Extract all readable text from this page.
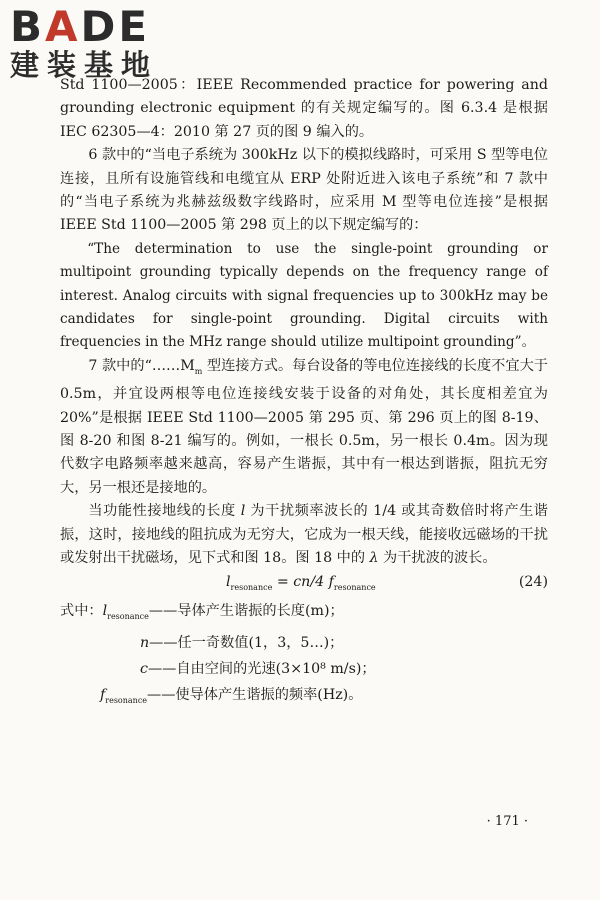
BADE
建装基地

Std 1100—2005：IEEE Recommended practice for powering and grounding electronic equipment 的有关规定编写的。图 6.3.4 是根据 IEC 62305—4：2010 第 27 页的图 9 编入的。

6 款中的“当电子系统为 300kHz 以下的模拟线路时，可采用 S 型等电位连接，且所有设施管线和电缆宜从 ERP 处附近进入该电子系统”和 7 款中的“当电子系统为兆赫兹级数字线路时，应采用 M 型等电位连接”是根据 IEEE Std 1100—2005 第 298 页上的以下规定编写的：

“The determination to use the single-point grounding or multipoint grounding typically depends on the frequency range of interest. Analog circuits with signal frequencies up to 300kHz may be candidates for single-point grounding. Digital circuits with frequencies in the MHz range should utilize multipoint grounding”。

7 款中的“$\dots\dots M_m$ 型连接方式。每台设备的等电位连接线的长度不宜大于 0.5m，并宜设两根等电位连接线安装于设备的对角处，其长度相差宜为 20%”是根据 IEEE Std 1100—2005 第 295 页、第 296 页上的图 8-19、图 8-20 和图 8-21 编写的。例如，一根长 0.5m，另一根长 0.4m。因为现代数字电路频率越来越高，容易产生谐振，其中有一根达到谐振，阻抗无穷大，另一根还是接地的。

当功能性接地线的长度 l 为干扰频率波长的 1/4 或其奇数倍时将产生谐振，这时，接地线的阻抗成为无穷大，它成为一根天线，能接收远磁场的干扰或发射出干扰磁场，见下式和图 18。图 18 中的 λ 为干扰波的波长。

$l_{resonance} = cn/4$ $f_{resonance}$	(24)

式中：$l_{resonance}——$导体产生谐振的长度(m)；

n——任一奇数值(1，3，5…)；

c——自由空间的光速(3×10⁸ m/s)；

$f_{resonance}——$使导体产生谐振的频率(Hz)。

· 171 ·
